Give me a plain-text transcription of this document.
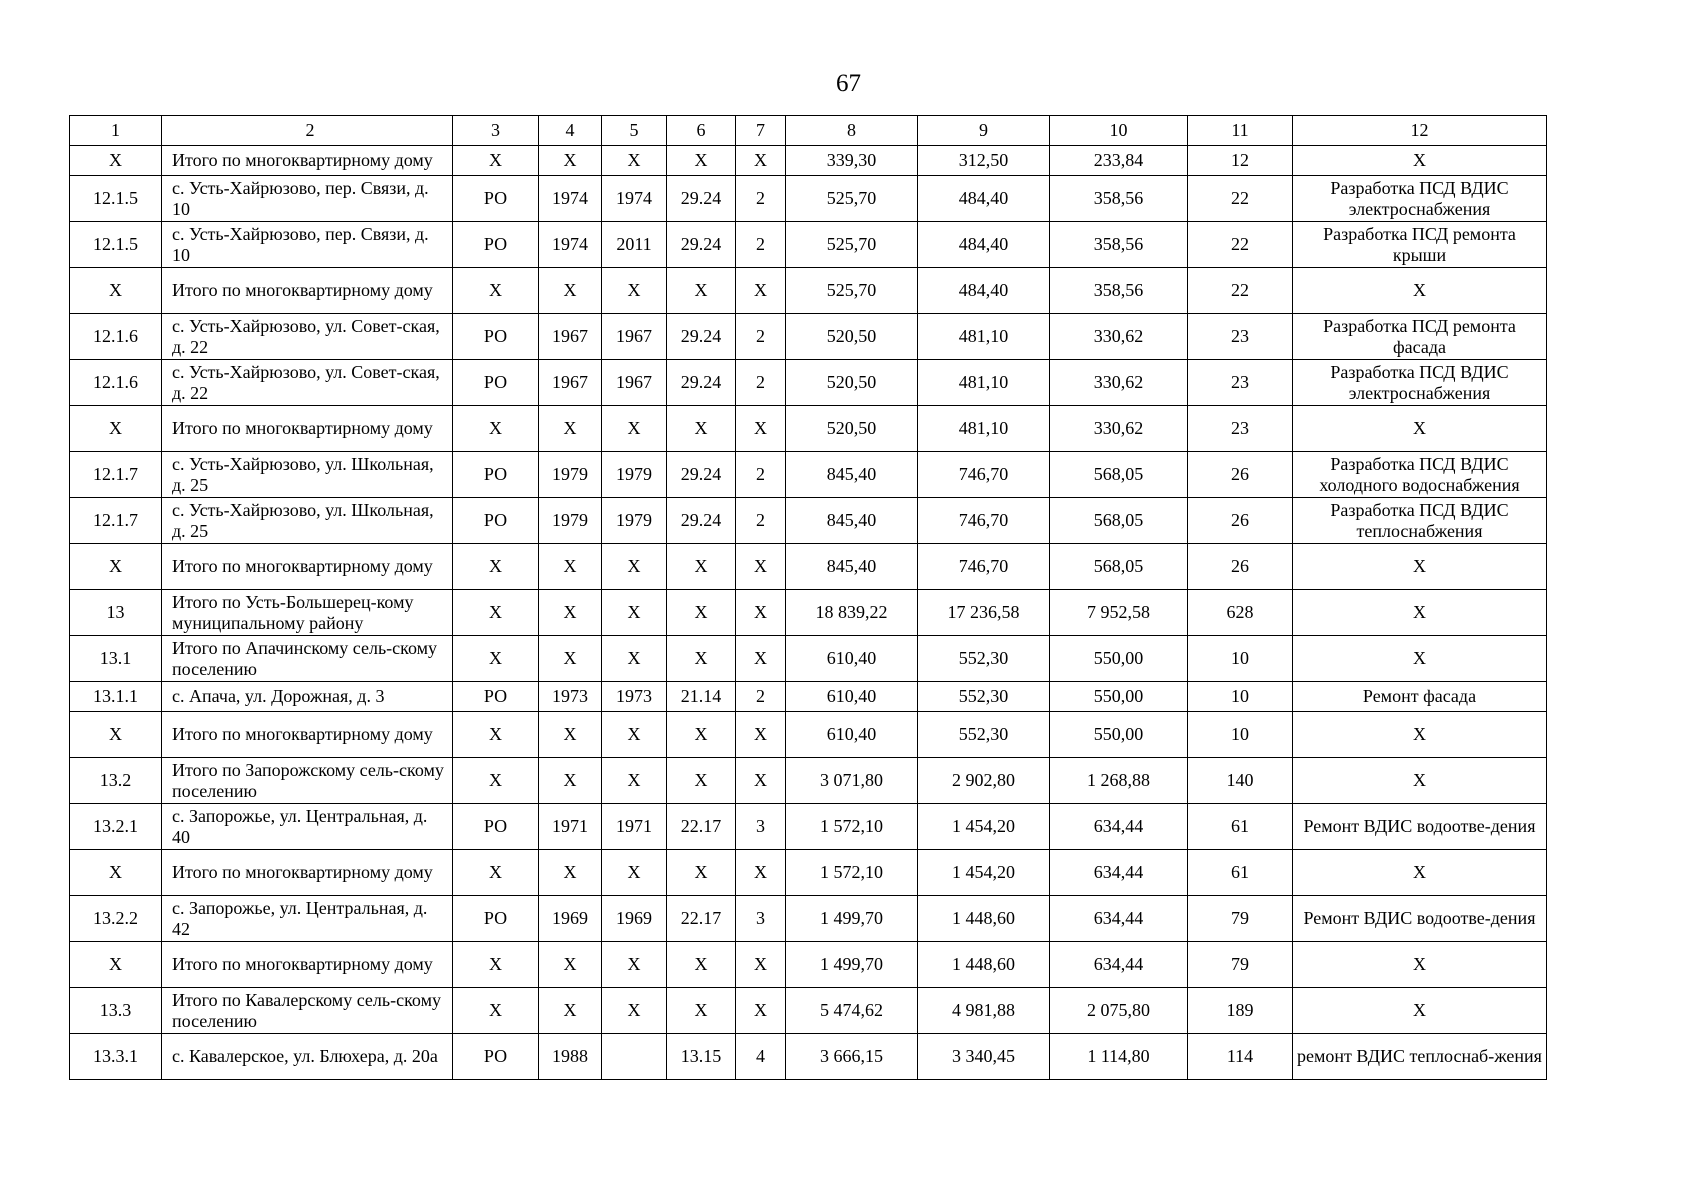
67
1	2	3	4	5	6	7	8	9	10	11	12
X	Итого по многоквартирному дому	X	X	X	X	X	339,30	312,50	233,84	12	X
12.1.5	с. Усть-Хайрюзово, пер. Связи, д. 10	РО	1974	1974	29.24	2	525,70	484,40	358,56	22	Разработка ПСД ВДИС электроснабжения
12.1.5	с. Усть-Хайрюзово, пер. Связи, д. 10	РО	1974	2011	29.24	2	525,70	484,40	358,56	22	Разработка ПСД ремонта крыши
X	Итого по многоквартирному дому	X	X	X	X	X	525,70	484,40	358,56	22	X
12.1.6	с. Усть-Хайрюзово, ул. Совет-ская, д. 22	РО	1967	1967	29.24	2	520,50	481,10	330,62	23	Разработка ПСД ремонта фасада
12.1.6	с. Усть-Хайрюзово, ул. Совет-ская, д. 22	РО	1967	1967	29.24	2	520,50	481,10	330,62	23	Разработка ПСД ВДИС электроснабжения
X	Итого по многоквартирному дому	X	X	X	X	X	520,50	481,10	330,62	23	X
12.1.7	с. Усть-Хайрюзово, ул. Школьная, д. 25	РО	1979	1979	29.24	2	845,40	746,70	568,05	26	Разработка ПСД ВДИС холодного водоснабжения
12.1.7	с. Усть-Хайрюзово, ул. Школьная, д. 25	РО	1979	1979	29.24	2	845,40	746,70	568,05	26	Разработка ПСД ВДИС теплоснабжения
X	Итого по многоквартирному дому	X	X	X	X	X	845,40	746,70	568,05	26	X
13	Итого по Усть-Большерец-кому муниципальному району	X	X	X	X	X	18 839,22	17 236,58	7 952,58	628	X
13.1	Итого по Апачинскому сель-скому поселению	X	X	X	X	X	610,40	552,30	550,00	10	X
13.1.1	с. Апача, ул. Дорожная, д. 3	РО	1973	1973	21.14	2	610,40	552,30	550,00	10	Ремонт фасада
X	Итого по многоквартирному дому	X	X	X	X	X	610,40	552,30	550,00	10	X
13.2	Итого по Запорожскому сель-скому поселению	X	X	X	X	X	3 071,80	2 902,80	1 268,88	140	X
13.2.1	с. Запорожье, ул. Центральная, д. 40	РО	1971	1971	22.17	3	1 572,10	1 454,20	634,44	61	Ремонт ВДИС водоотве-дения
X	Итого по многоквартирному дому	X	X	X	X	X	1 572,10	1 454,20	634,44	61	X
13.2.2	с. Запорожье, ул. Центральная, д. 42	РО	1969	1969	22.17	3	1 499,70	1 448,60	634,44	79	Ремонт ВДИС водоотве-дения
X	Итого по многоквартирному дому	X	X	X	X	X	1 499,70	1 448,60	634,44	79	X
13.3	Итого по Кавалерскому сель-скому поселению	X	X	X	X	X	5 474,62	4 981,88	2 075,80	189	X
13.3.1	с. Кавалерское, ул. Блюхера, д. 20а	РО	1988		13.15	4	3 666,15	3 340,45	1 114,80	114	ремонт ВДИС теплоснаб-жения
